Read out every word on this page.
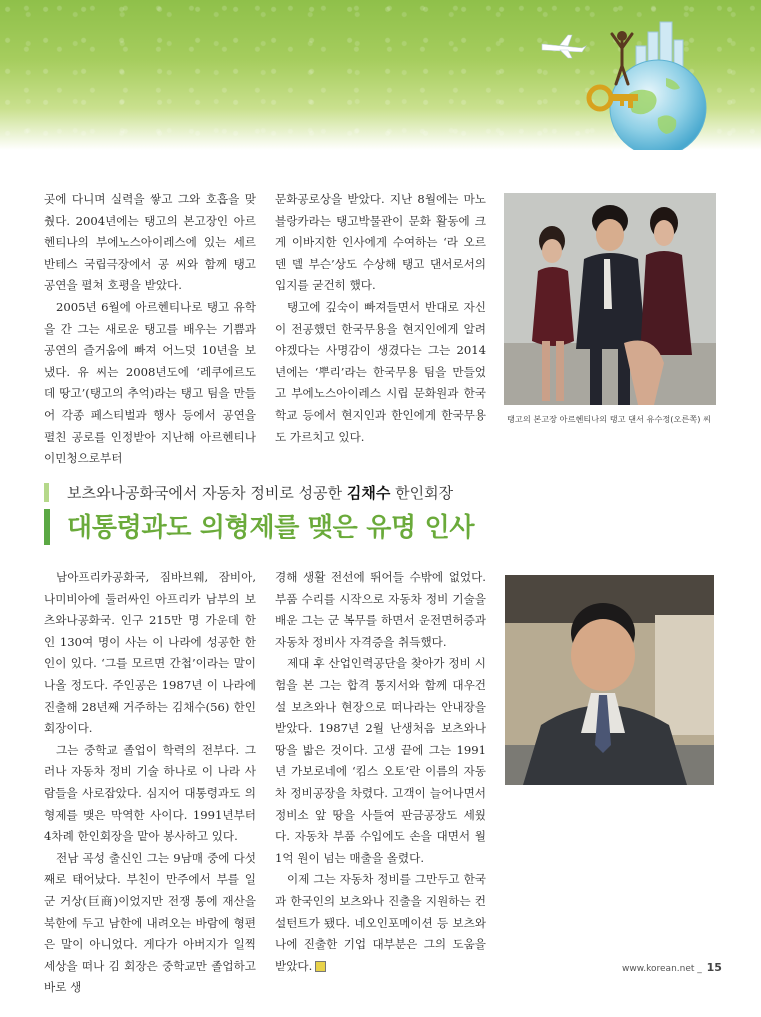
곳에 다니며 실력을 쌓고 그와 호흡을 맞췄다. 2004년에는 탱고의 본고장인 아르헨티나의 부에노스아이레스에 있는 세르반테스 국립극장에서 공 씨와 함께 탱고 공연을 펼쳐 호평을 받았다.

2005년 6월에 아르헨티나로 탱고 유학을 간 그는 새로운 탱고를 배우는 기쁨과 공연의 즐거움에 빠져 어느덧 10년을 보냈다. 유 씨는 2008년도에 ‘레쿠에르도 데 땅고’(탱고의 추억)라는 탱고 팀을 만들어 각종 페스티벌과 행사 등에서 공연을 펼친 공로를 인정받아 지난해 아르헨티나 이민청으로부터

문화공로상을 받았다. 지난 8월에는 마노블랑카라는 탱고박물관이 문화 활동에 크게 이바지한 인사에게 수여하는 ‘라 오르덴 델 부슨’상도 수상해 탱고 댄서로서의 입지를 굳건히 했다.

탱고에 깊숙이 빠져들면서 반대로 자신이 전공했던 한국무용을 현지인에게 알려야겠다는 사명감이 생겼다는 그는 2014년에는 ‘뿌리’라는 한국무용 팀을 만들었고 부에노스아이레스 시립 문화원과 한국학교 등에서 현지인과 한인에게 한국무용도 가르치고 있다.

탱고의 본고장 아르헨티나의 탱고 댄서 유수정(오른쪽) 씨
보츠와나공화국에서 자동차 정비로 성공한 김채수 한인회장
대통령과도 의형제를 맺은 유명 인사

남아프리카공화국, 짐바브웨, 잠비아, 나미비아에 둘러싸인 아프리카 남부의 보츠와나공화국. 인구 215만 명 가운데 한인 130여 명이 사는 이 나라에 성공한 한인이 있다. ‘그를 모르면 간첩’이라는 말이 나올 정도다. 주인공은 1987년 이 나라에 진출해 28년째 거주하는 김채수(56) 한인회장이다.

그는 중학교 졸업이 학력의 전부다. 그러나 자동차 정비 기술 하나로 이 나라 사람들을 사로잡았다. 심지어 대통령과도 의형제를 맺은 막역한 사이다. 1991년부터 4차례 한인회장을 맡아 봉사하고 있다.

전남 곡성 출신인 그는 9남매 중에 다섯째로 태어났다. 부친이 만주에서 부를 일군 거상(巨商)이었지만 전쟁 통에 재산을 북한에 두고 남한에 내려오는 바람에 형편은 말이 아니었다. 게다가 아버지가 일찍 세상을 떠나 김 회장은 중학교만 졸업하고 바로 생

경해 생활 전선에 뛰어들 수밖에 없었다. 부품 수리를 시작으로 자동차 정비 기술을 배운 그는 군 복무를 하면서 운전면허증과 자동차 정비사 자격증을 취득했다.

제대 후 산업인력공단을 찾아가 정비 시험을 본 그는 합격 통지서와 함께 대우건설 보츠와나 현장으로 떠나라는 안내장을 받았다. 1987년 2월 난생처음 보츠와나 땅을 밟은 것이다. 고생 끝에 그는 1991년 가보로네에 ‘킴스 오토’란 이름의 자동차 정비공장을 차렸다. 고객이 늘어나면서 정비소 앞 땅을 사들여 판금공장도 세웠다. 자동차 부품 수입에도 손을 대면서 월 1억 원이 넘는 매출을 올렸다.

이제 그는 자동차 정비를 그만두고 한국과 한국인의 보츠와나 진출을 지원하는 컨설턴트가 됐다. 네오인포메이션 등 보츠와나에 진출한 기업 대부분은 그의 도움을 받았다.	www.korean.net _ 15
